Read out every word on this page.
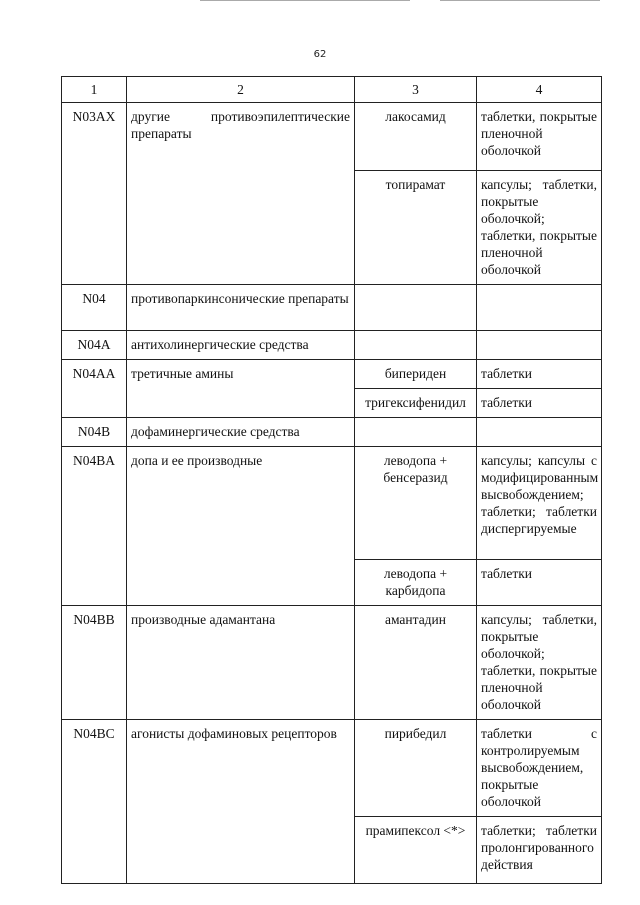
62
1	2	3	4
N03AX	другие противоэпилептические препараты	лакосамид	таблетки, покрытые пленочной оболочкой
		топирамат	капсулы; таблетки, покрытые оболочкой; таблетки, покрытые пленочной оболочкой
N04	противопаркинсонические препараты		
N04A	антихолинергические средства		
N04AA	третичные амины	бипериден	таблетки
		тригексифенидил	таблетки
N04B	дофаминергические средства		
N04BA	допа и ее производные	леводопа + бенсеразид	капсулы; капсулы с модифицированным высвобождением; таблетки; таблетки диспергируемые
		леводопа + карбидопа	таблетки
N04BB	производные адамантана	амантадин	капсулы; таблетки, покрытые оболочкой; таблетки, покрытые пленочной оболочкой
N04BC	агонисты дофаминовых рецепторов	пирибедил	таблетки с контролируемым высвобождением, покрытые оболочкой
		прамипексол <*>	таблетки; таблетки пролонгированного действия
